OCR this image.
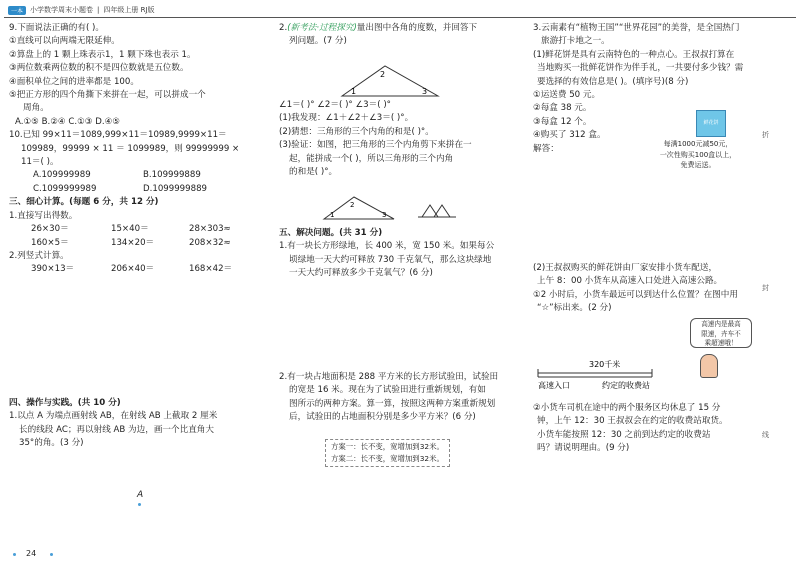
一本	小学数学周末小题卷 | 四年级上册 RJ版

9.下面说法正确的有( )。

①直线可以向两端无限延伸。

②算盘上的 1 颗上珠表示1，1 颗下珠也表示 1。

③两位数乘两位数的积不是四位数就是五位数。

④面积单位之间的进率都是 100。

⑤把正方形的四个角撕下来拼在一起，可以拼成一个

周角。

A.①⑤ B.②④ C.①③ D.④⑤

10.已知 99×11＝1089,999×11＝10989,9999×11＝

109989，99999 × 11 ＝ 1099989，则 99999999 ×

11＝( )。

A.109999989	B.109999889

C.1099999989	D.1099999889

三、细心计算。(每题 6 分，共 12 分)

1.直接写出得数。

26×30＝	15×40＝	28×303≈

160×5＝	134×20＝	208×32≈

2.列竖式计算。

390×13＝	206×40＝	168×42＝

四、操作与实践。(共 10 分)

1.以点 A 为端点画射线 AB，在射线 AB 上截取 2 厘米

长的线段 AC；再以射线 AB 为边，画一个比直角大

35°的角。(3 分)

A
24

2.(新考法·过程探究)量出图中各角的度数，并回答下

列问题。(7 分)

2
1	3

∠1＝( )° ∠2＝( )° ∠3＝( )°

(1)我发现：∠1＋∠2＋∠3＝( )°。

(2)猜想：三角形的三个内角的和是( )°。

(3)验证：如图，把三角形的三个内角剪下来拼在一

起，能拼成一个( )，所以三角形的三个内角

的和是( )°。

2
1	3

五、解决问题。(共 31 分)

1.有一块长方形绿地，长 400 米，宽 150 米。如果每公

顷绿地一天大约可释放 730 千克氧气，那么这块绿地

一天大约可释放多少千克氧气？(6 分)

2.有一块占地面积是 288 平方米的长方形试验田，试验田

的宽是 16 米。现在为了试验田进行重新规划，有如

图所示的两种方案。算一算，按照这两种方案重新规划

后，试验田的占地面积分别是多少平方米？(6 分)

方案一：长不变，宽增加到32米。

方案二：长不变，宽增加到32米。

3.云南素有“植物王国”“世界花园”的美誉，是全国热门

旅游打卡地之一。

(1)鲜花饼是具有云南特色的一种点心。王叔叔打算在

当地购买一批鲜花饼作为伴手礼，一共要付多少钱？需

要选择的有效信息是( )。(填序号)(8 分)

①运送费 50 元。

②每盒 38 元。

③每盒 12 个。

④购买了 312 盒。

解答：

鲜花饼

每满1000元减50元，

一次性购买100盒以上，

免费运送。

(2)王叔叔购买的鲜花饼由厂家安排小货车配送，

上午 8：00 小货车从高速入口处进入高速公路。

①2 小时后，小货车最远可以到达什么位置？在图中用

“☆”标出来。(2 分)

高速内是最高

限速，卉车不

乘超速哦！

320千米
高速入口	约定的收费站

②小货车司机在途中的两个服务区均休息了 15 分

钟，上午 12：30 王叔叔会在约定的收费站取货。

小货车能按照 12：30 之前到达约定的收费站

吗？请说明理由。(9 分)

折
封
线
